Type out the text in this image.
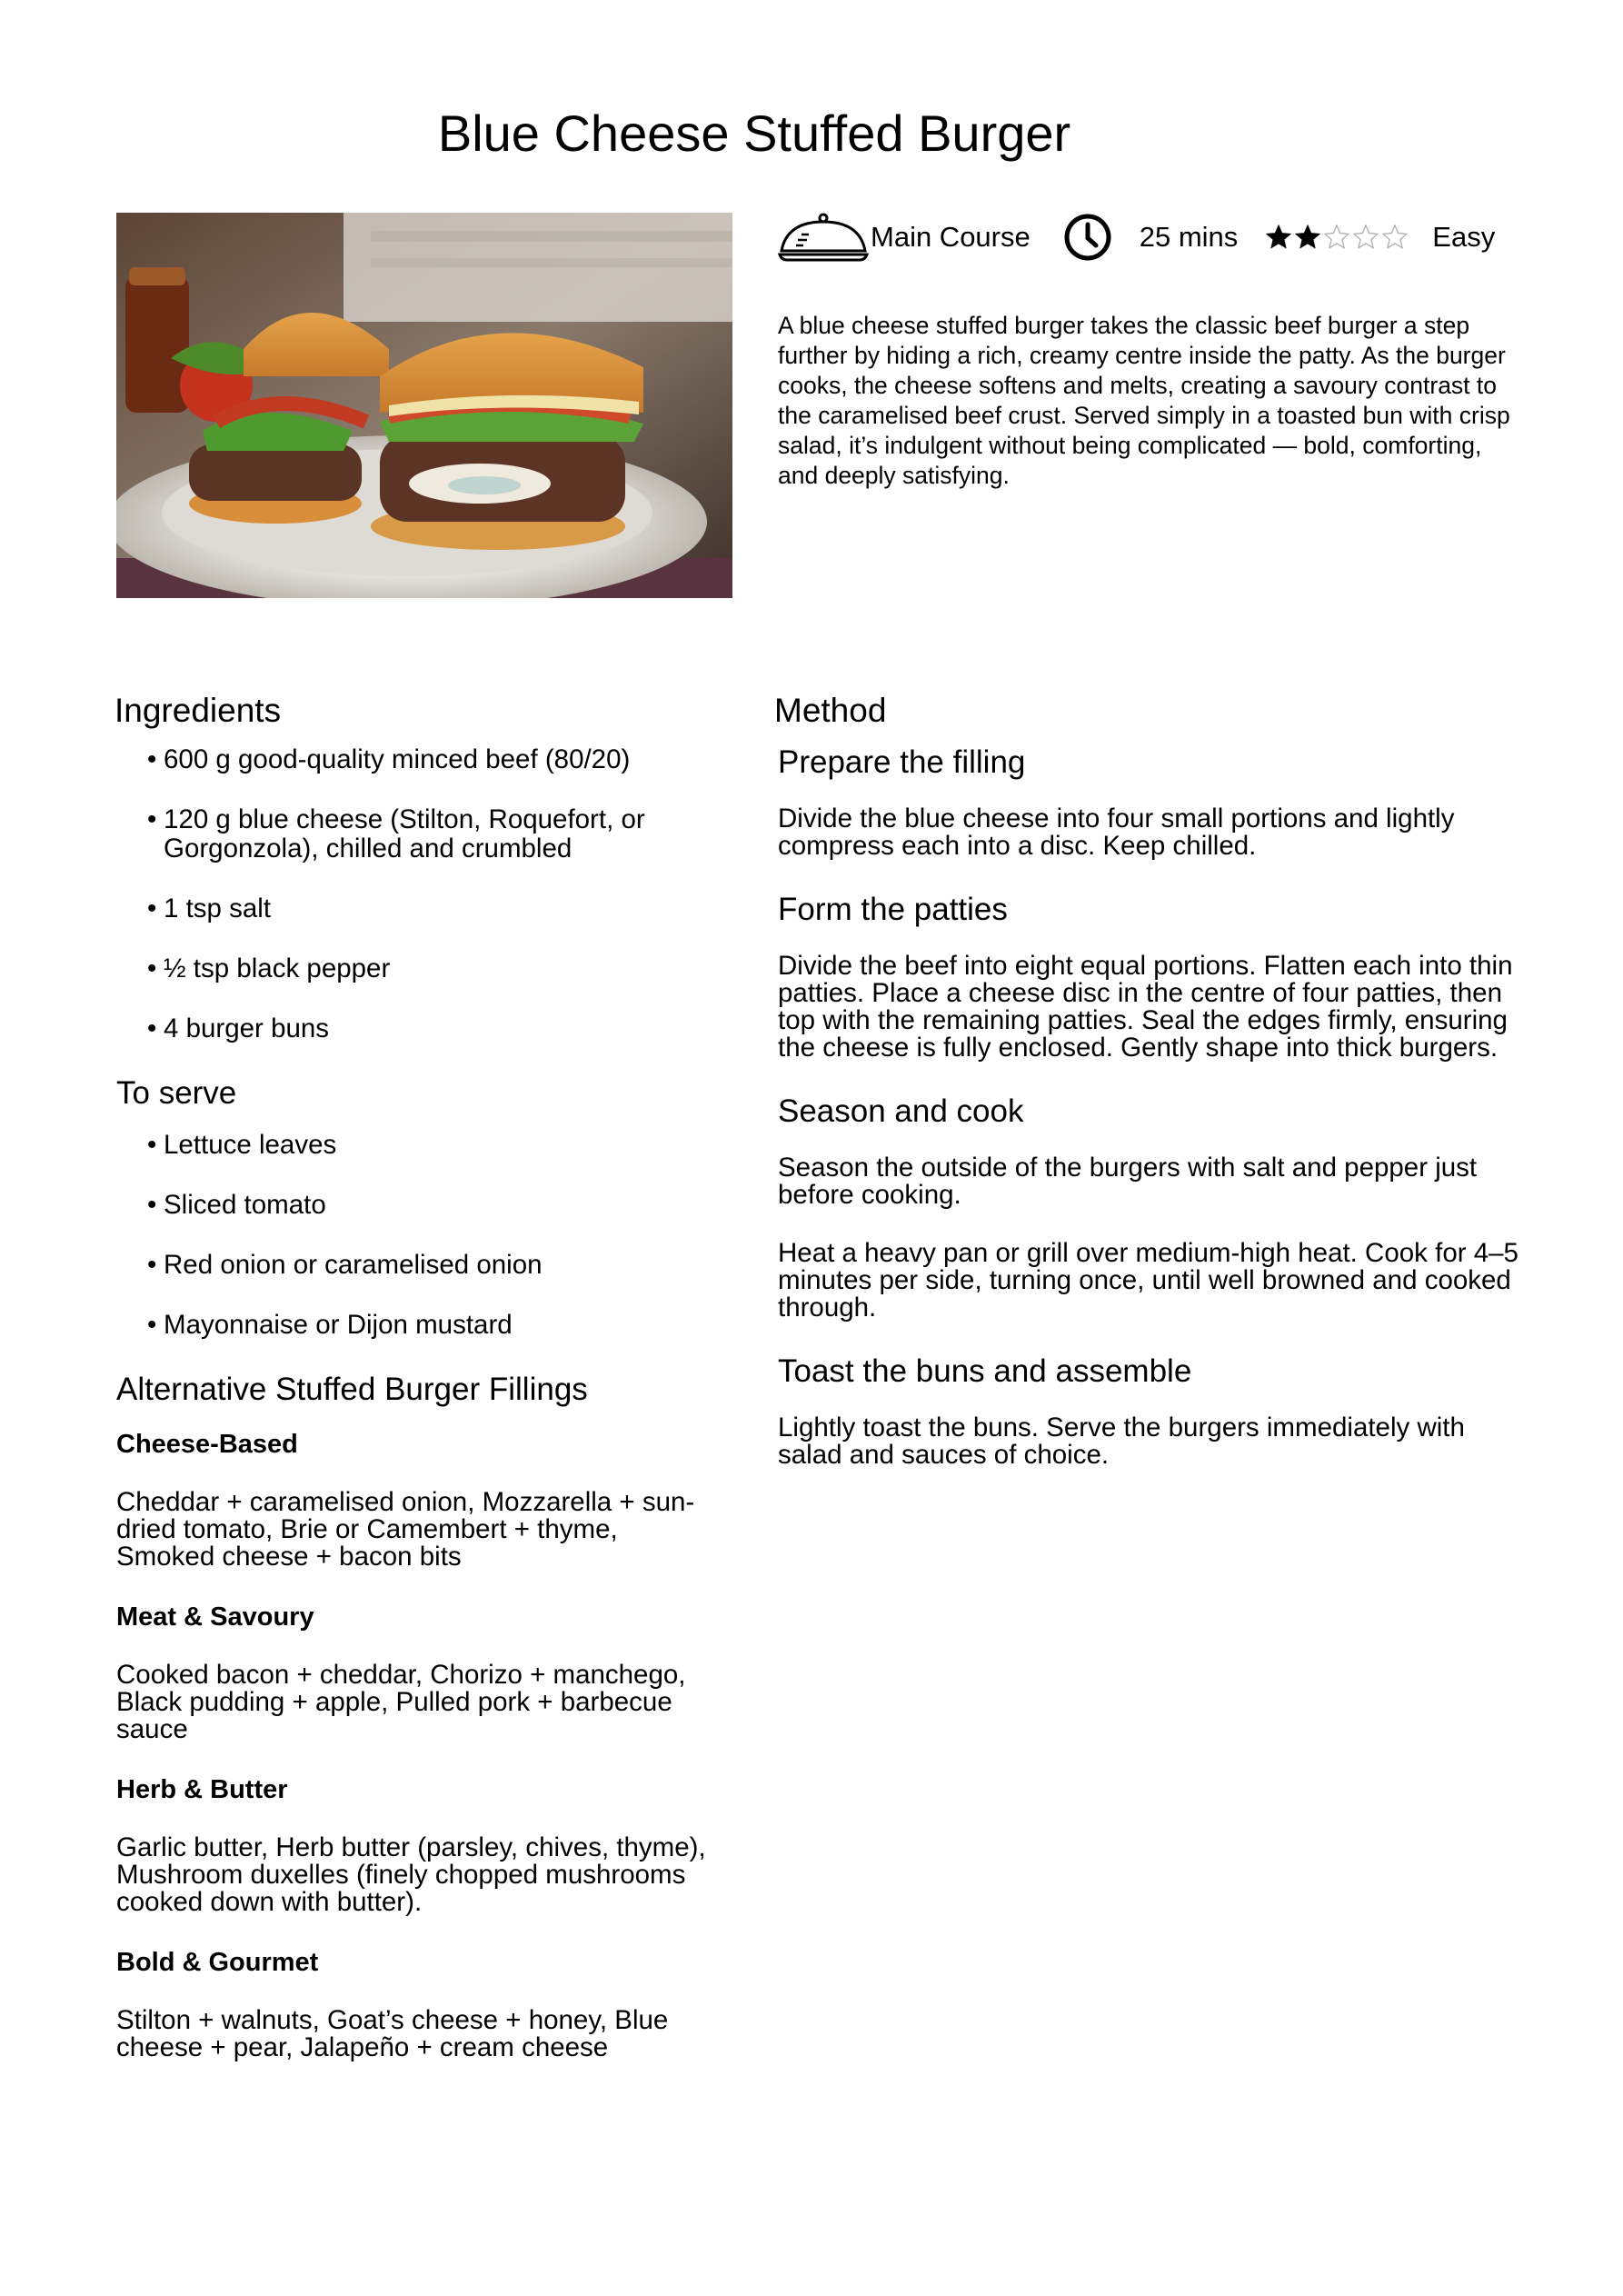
Blue Cheese Stuffed Burger
Main Course	25 mins	Easy
A blue cheese stuffed burger takes the classic beef burger a step further by hiding a rich, creamy centre inside the patty. As the burger cooks, the cheese softens and melts, creating a savoury contrast to the caramelised beef crust. Served simply in a toasted bun with crisp salad, it’s indulgent without being complicated — bold, comforting, and deeply satisfying.
Ingredients
• 600 g good-quality minced beef (80/20)
• 120 g blue cheese (Stilton, Roquefort, or Gorgonzola), chilled and crumbled
• 1 tsp salt
• ½ tsp black pepper
• 4 burger buns
To serve
• Lettuce leaves
• Sliced tomato
• Red onion or caramelised onion
• Mayonnaise or Dijon mustard
Alternative Stuffed Burger Fillings
Cheese-Based
Cheddar + caramelised onion, Mozzarella + sun-dried tomato, Brie or Camembert + thyme, Smoked cheese + bacon bits
Meat & Savoury
Cooked bacon + cheddar, Chorizo + manchego, Black pudding + apple, Pulled pork + barbecue sauce
Herb & Butter
Garlic butter, Herb butter (parsley, chives, thyme), Mushroom duxelles (finely chopped mushrooms cooked down with butter).
Bold & Gourmet
Stilton + walnuts, Goat’s cheese + honey, Blue cheese + pear, Jalapeño + cream cheese
Method
Prepare the filling
Divide the blue cheese into four small portions and lightly compress each into a disc. Keep chilled.
Form the patties
Divide the beef into eight equal portions. Flatten each into thin patties. Place a cheese disc in the centre of four patties, then top with the remaining patties. Seal the edges firmly, ensuring the cheese is fully enclosed. Gently shape into thick burgers.
Season and cook
Season the outside of the burgers with salt and pepper just before cooking.
Heat a heavy pan or grill over medium-high heat. Cook for 4–5 minutes per side, turning once, until well browned and cooked through.
Toast the buns and assemble
Lightly toast the buns. Serve the burgers immediately with salad and sauces of choice.
